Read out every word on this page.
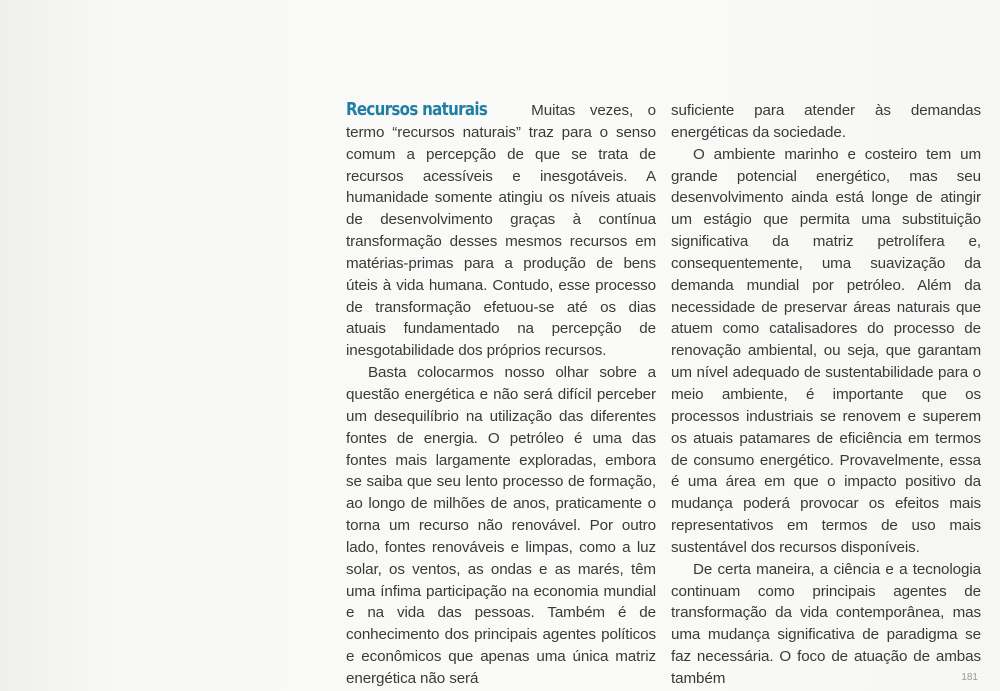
Recursos naturais	Muitas vezes, o termo “recursos naturais” traz para o senso comum a percepção de que se trata de recursos acessíveis e inesgotáveis. A humanidade somente atingiu os níveis atuais de desenvolvimento graças à contínua transformação desses mesmos recursos em matérias-primas para a produção de bens úteis à vida humana. Contudo, esse processo de transformação efetuou-se até os dias atuais fundamentado na percepção de inesgotabilidade dos próprios recursos.

Basta colocarmos nosso olhar sobre a questão energética e não será difícil perceber um desequilíbrio na utilização das diferentes fontes de energia. O petróleo é uma das fontes mais largamente exploradas, embora se saiba que seu lento processo de formação, ao longo de milhões de anos, praticamente o torna um recurso não renovável. Por outro lado, fontes renováveis e limpas, como a luz solar, os ventos, as ondas e as marés, têm uma ínfima participação na economia mundial e na vida das pessoas. Também é de conhecimento dos principais agentes políticos e econômicos que apenas uma única matriz energética não será

suficiente para atender às demandas energéticas da sociedade.

O ambiente marinho e costeiro tem um grande potencial energético, mas seu desenvolvimento ainda está longe de atingir um estágio que permita uma substituição significativa da matriz petrolífera e, consequentemente, uma suavização da demanda mundial por petróleo. Além da necessidade de preservar áreas naturais que atuem como catalisadores do processo de renovação ambiental, ou seja, que garantam um nível adequado de sustentabilidade para o meio ambiente, é importante que os processos industriais se renovem e superem os atuais patamares de eficiência em termos de consumo energético. Provavelmente, essa é uma área em que o impacto positivo da mudança poderá provocar os efeitos mais representativos em termos de uso mais sustentável dos recursos disponíveis.

De certa maneira, a ciência e a tecnologia continuam como principais agentes de transformação da vida contemporânea, mas uma mudança significativa de paradigma se faz necessária. O foco de atuação de ambas também	181
